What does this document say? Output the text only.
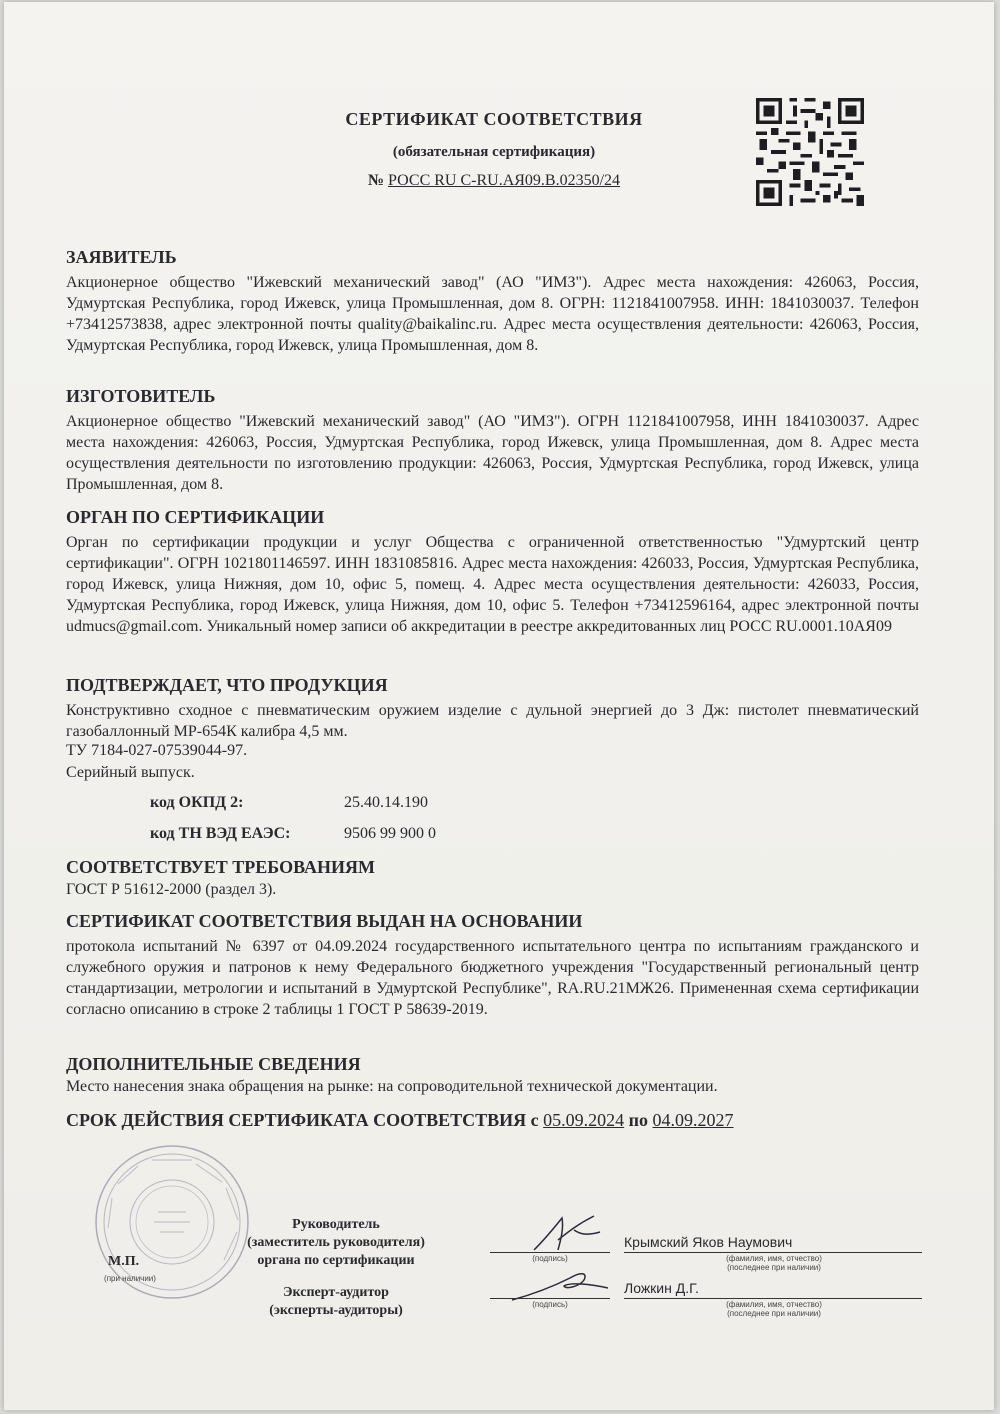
СЕРТИФИКАТ СООТВЕТСТВИЯ
(обязательная сертификация)
№ РОСС RU C-RU.АЯ09.В.02350/24
ЗАЯВИТЕЛЬ
Акционерное общество "Ижевский механический завод" (АО "ИМЗ"). Адрес места нахождения: 426063, Россия, Удмуртская Республика, город Ижевск, улица Промышленная, дом 8. ОГРН: 1121841007958. ИНН: 1841030037. Телефон +73412573838, адрес электронной почты quality@baikalinc.ru. Адрес места осуществления деятельности: 426063, Россия, Удмуртская Республика, город Ижевск, улица Промышленная, дом 8.
ИЗГОТОВИТЕЛЬ
Акционерное общество "Ижевский механический завод" (АО "ИМЗ"). ОГРН 1121841007958, ИНН 1841030037. Адрес места нахождения: 426063, Россия, Удмуртская Республика, город Ижевск, улица Промышленная, дом 8. Адрес места осуществления деятельности по изготовлению продукции: 426063, Россия, Удмуртская Республика, город Ижевск, улица Промышленная, дом 8.
ОРГАН ПО СЕРТИФИКАЦИИ
Орган по сертификации продукции и услуг Общества с ограниченной ответственностью "Удмуртский центр сертификации". ОГРН 1021801146597. ИНН 1831085816. Адрес места нахождения: 426033, Россия, Удмуртская Республика, город Ижевск, улица Нижняя, дом 10, офис 5, помещ. 4. Адрес места осуществления деятельности: 426033, Россия, Удмуртская Республика, город Ижевск, улица Нижняя, дом 10, офис 5. Телефон +73412596164, адрес электронной почты udmucs@gmail.com. Уникальный номер записи об аккредитации в реестре аккредитованных лиц РОСС RU.0001.10АЯ09
ПОДТВЕРЖДАЕТ, ЧТО ПРОДУКЦИЯ
Конструктивно сходное с пневматическим оружием изделие с дульной энергией до 3 Дж: пистолет пневматический газобаллонный МР-654К калибра 4,5 мм.
ТУ 7184-027-07539044-97.
Серийный выпуск.
код ОКПД 2:	25.40.14.190
код ТН ВЭД ЕАЭС:	9506 99 900 0
СООТВЕТСТВУЕТ ТРЕБОВАНИЯМ
ГОСТ Р 51612-2000 (раздел 3).
СЕРТИФИКАТ СООТВЕТСТВИЯ ВЫДАН НА ОСНОВАНИИ
протокола испытаний № 6397 от 04.09.2024 государственного испытательного центра по испытаниям гражданского и служебного оружия и патронов к нему Федерального бюджетного учреждения "Государственный региональный центр стандартизации, метрологии и испытаний в Удмуртской Республике", RA.RU.21МЖ26. Примененная схема сертификации согласно описанию в строке 2 таблицы 1 ГОСТ Р 58639-2019.
ДОПОЛНИТЕЛЬНЫЕ СВЕДЕНИЯ
Место нанесения знака обращения на рынке: на сопроводительной технической документации.
СРОК ДЕЙСТВИЯ СЕРТИФИКАТА СООТВЕТСТВИЯ с 05.09.2024 по 04.09.2027
М.П.
(при наличии)
Руководитель
(заместитель руководителя)
органа по сертификации
Эксперт-аудитор
(эксперты-аудиторы)
(подпись)
Крымский Яков Наумович
(фамилия, имя, отчество)
(последнее при наличии)
(подпись)
Ложкин Д.Г.
(фамилия, имя, отчество)
(последнее при наличии)
